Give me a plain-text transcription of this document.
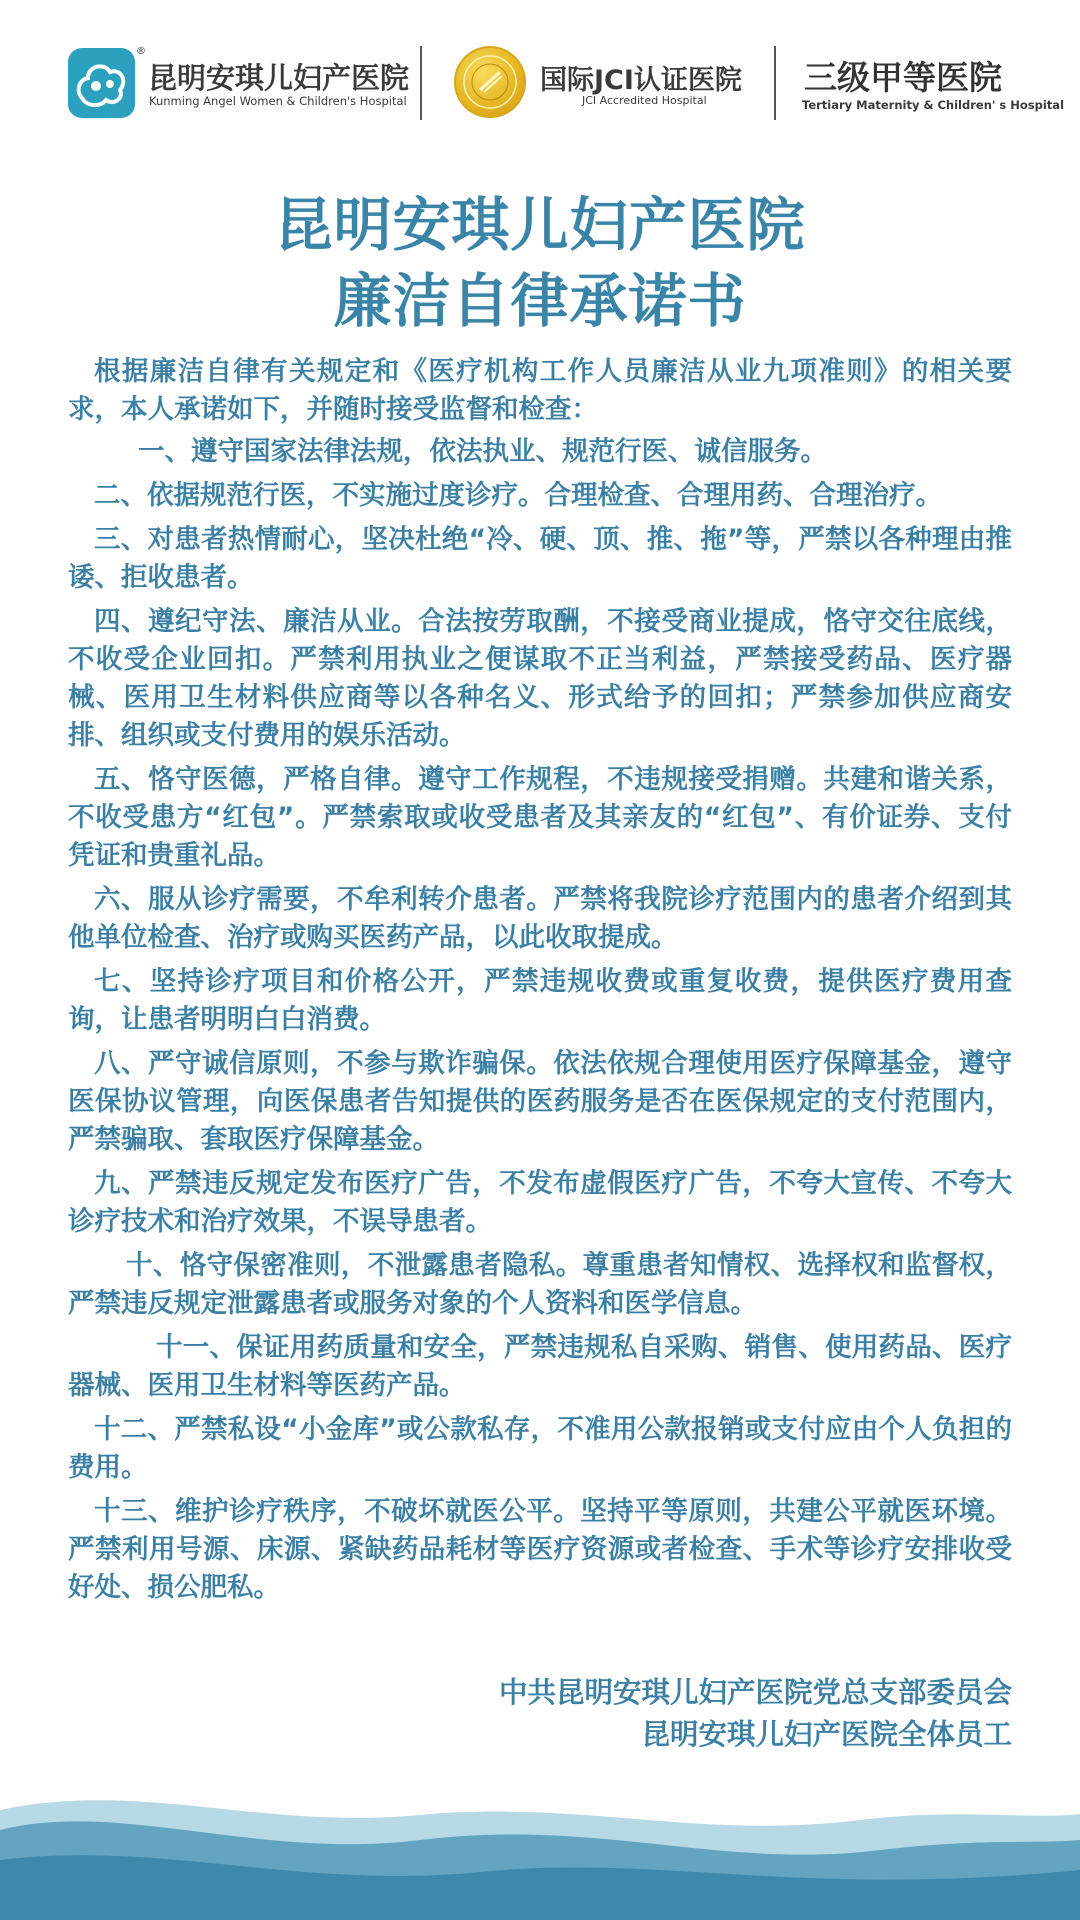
®
昆明安琪儿妇产医院
Kunming Angel Women & Children's Hospital
国际JCI认证医院
JCI Accredited Hospital
三级甲等医院
Tertiary Maternity & Children' s Hospital
昆明安琪儿妇产医院
廉洁自律承诺书

根据廉洁自律有关规定和《医疗机构工作人员廉洁从业九项准则》的相关要求，本人承诺如下，并随时接受监督和检查：

一、遵守国家法律法规，依法执业、规范行医、诚信服务。

二、依据规范行医，不实施过度诊疗。合理检查、合理用药、合理治疗。

三、对患者热情耐心，坚决杜绝“冷、硬、顶、推、拖”等，严禁以各种理由推诿、拒收患者。

四、遵纪守法、廉洁从业。合法按劳取酬，不接受商业提成，恪守交往底线，不收受企业回扣。严禁利用执业之便谋取不正当利益，严禁接受药品、医疗器械、医用卫生材料供应商等以各种名义、形式给予的回扣；严禁参加供应商安排、组织或支付费用的娱乐活动。

五、恪守医德，严格自律。遵守工作规程，不违规接受捐赠。共建和谐关系，不收受患方“红包”。严禁索取或收受患者及其亲友的“红包”、有价证券、支付凭证和贵重礼品。

六、服从诊疗需要，不牟利转介患者。严禁将我院诊疗范围内的患者介绍到其他单位检查、治疗或购买医药产品，以此收取提成。

七、坚持诊疗项目和价格公开，严禁违规收费或重复收费，提供医疗费用查询，让患者明明白白消费。

八、严守诚信原则，不参与欺诈骗保。依法依规合理使用医疗保障基金，遵守医保协议管理，向医保患者告知提供的医药服务是否在医保规定的支付范围内，严禁骗取、套取医疗保障基金。

九、严禁违反规定发布医疗广告，不发布虚假医疗广告，不夸大宣传、不夸大诊疗技术和治疗效果，不误导患者。

十、恪守保密准则，不泄露患者隐私。尊重患者知情权、选择权和监督权，严禁违反规定泄露患者或服务对象的个人资料和医学信息。

十一、保证用药质量和安全，严禁违规私自采购、销售、使用药品、医疗器械、医用卫生材料等医药产品。

十二、严禁私设“小金库”或公款私存，不准用公款报销或支付应由个人负担的费用。

十三、维护诊疗秩序，不破坏就医公平。坚持平等原则，共建公平就医环境。严禁利用号源、床源、紧缺药品耗材等医疗资源或者检查、手术等诊疗安排收受好处、损公肥私。

中共昆明安琪儿妇产医院党总支部委员会
昆明安琪儿妇产医院全体员工
